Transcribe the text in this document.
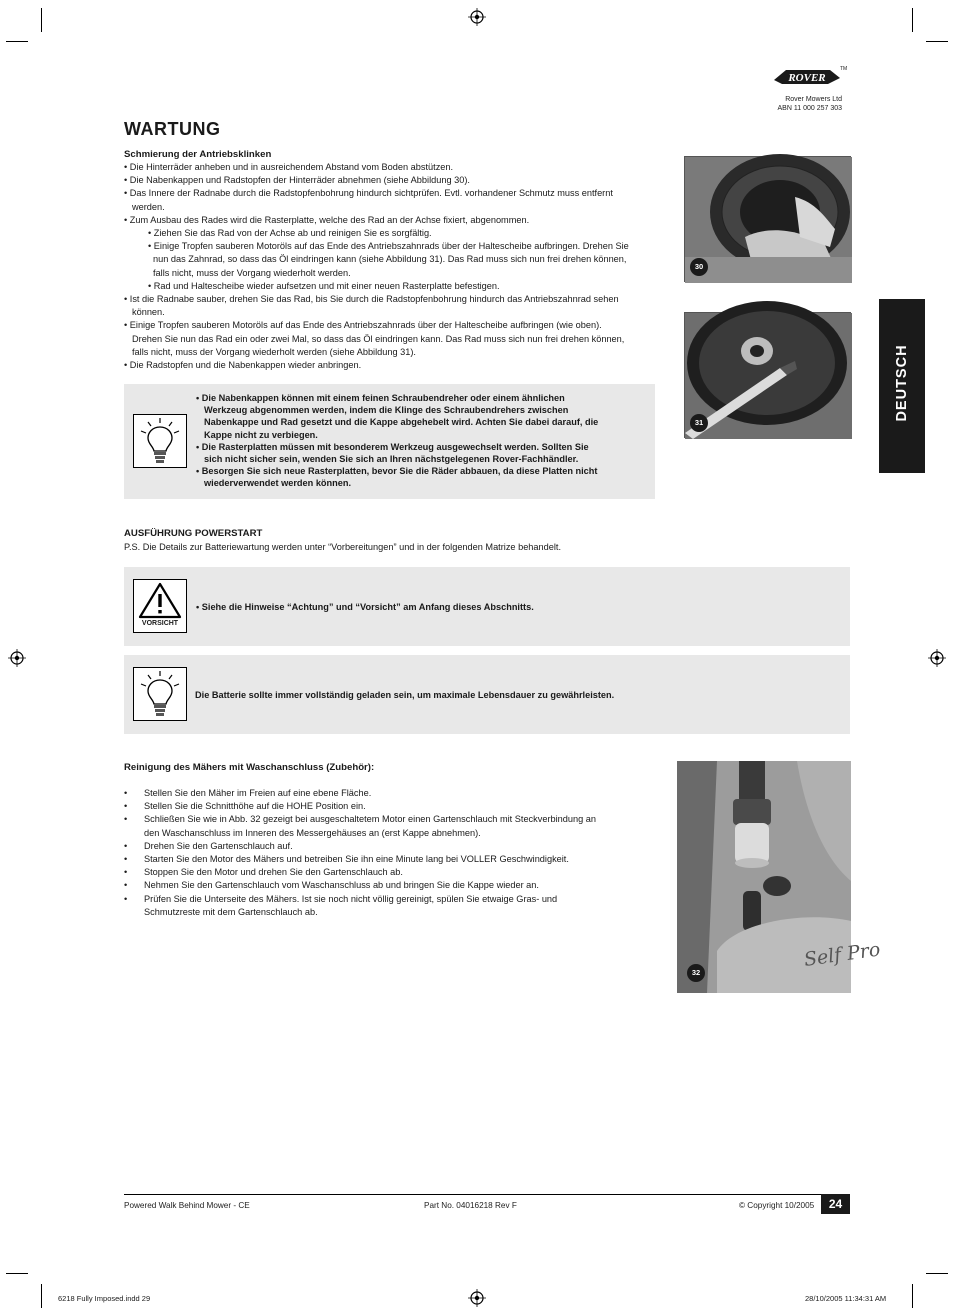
ROVER
TM
Rover Mowers Ltd
ABN 11 000 257 303
WARTUNG
Schmierung der Antriebsklinken
• Die Hinterräder anheben und in ausreichendem Abstand vom Boden abstützen.
• Die Nabenkappen und Radstopfen der Hinterräder abnehmen (siehe Abbildung 30).
• Das Innere der Radnabe durch die Radstopfenbohrung hindurch sichtprüfen. Evtl. vorhandener Schmutz muss entfernt
werden.
• Zum Ausbau des Rades wird die Rasterplatte, welche des Rad an der Achse fixiert, abgenommen.
• Ziehen Sie das Rad von der Achse ab und reinigen Sie es sorgfältig.
• Einige Tropfen sauberen Motoröls auf das Ende des Antriebszahnrads über der Haltescheibe aufbringen. Drehen Sie
nun das Zahnrad, so dass das Öl eindringen kann (siehe Abbildung 31). Das Rad muss sich nun frei drehen können,
falls nicht, muss der Vorgang wiederholt werden.
• Rad und Haltescheibe wieder aufsetzen und mit einer neuen Rasterplatte befestigen.
• Ist die Radnabe sauber, drehen Sie das Rad, bis Sie durch die Radstopfenbohrung hindurch das Antriebszahnrad sehen
können.
• Einige Tropfen sauberen Motoröls auf das Ende des Antriebszahnrads über der Haltescheibe aufbringen (wie oben).
Drehen Sie nun das Rad ein oder zwei Mal, so dass das Öl eindringen kann. Das Rad muss sich nun frei drehen können,
falls nicht, muss der Vorgang wiederholt werden (siehe Abbildung 31).
• Die Radstopfen und die Nabenkappen wieder anbringen.
• Die Nabenkappen können mit einem feinen Schraubendreher oder einem ähnlichen
Werkzeug abgenommen werden, indem die Klinge des Schraubendrehers zwischen
Nabenkappe und Rad gesetzt und die Kappe abgehebelt wird. Achten Sie dabei darauf, die
Kappe nicht zu verbiegen.
• Die Rasterplatten müssen mit besonderem Werkzeug ausgewechselt werden. Sollten Sie
sich nicht sicher sein, wenden Sie sich an Ihren nächstgelegenen Rover-Fachhändler.
• Besorgen Sie sich neue Rasterplatten, bevor Sie die Räder abbauen, da diese Platten nicht
wiederverwendet werden können.
30
31
DEUTSCH
AUSFÜHRUNG POWERSTART
P.S. Die Details zur Batteriewartung werden unter “Vorbereitungen” und in der folgenden Matrize behandelt.
VORSICHT
• Siehe die Hinweise “Achtung” und “Vorsicht” am Anfang dieses Abschnitts.
Die Batterie sollte immer vollständig geladen sein, um maximale Lebensdauer zu gewährleisten.
Reinigung des Mähers mit Waschanschluss (Zubehör):
•	Stellen Sie den Mäher im Freien auf eine ebene Fläche.
•	Stellen Sie die Schnitthöhe auf die HOHE Position ein.
•	Schließen Sie wie in Abb. 32 gezeigt bei ausgeschaltetem Motor einen Gartenschlauch mit Steckverbindung an
den Waschanschluss im Inneren des Messergehäuses an (erst Kappe abnehmen).
•	Drehen Sie den Gartenschlauch auf.
•	Starten Sie den Motor des Mähers und betreiben Sie ihn eine Minute lang bei VOLLER Geschwindigkeit.
•	Stoppen Sie den Motor und drehen Sie den Gartenschlauch ab.
•	Nehmen Sie den Gartenschlauch vom Waschanschluss ab und bringen Sie die Kappe wieder an.
•	Prüfen Sie die Unterseite des Mähers. Ist sie noch nicht völlig gereinigt, spülen Sie etwaige Gras- und
Schmutzreste mit dem Gartenschlauch ab.
Self Pro
32
Powered Walk Behind Mower - CE	Part No. 04016218 Rev F	© Copyright 10/2005	24
6218 Fully Imposed.indd 29	28/10/2005 11:34:31 AM
